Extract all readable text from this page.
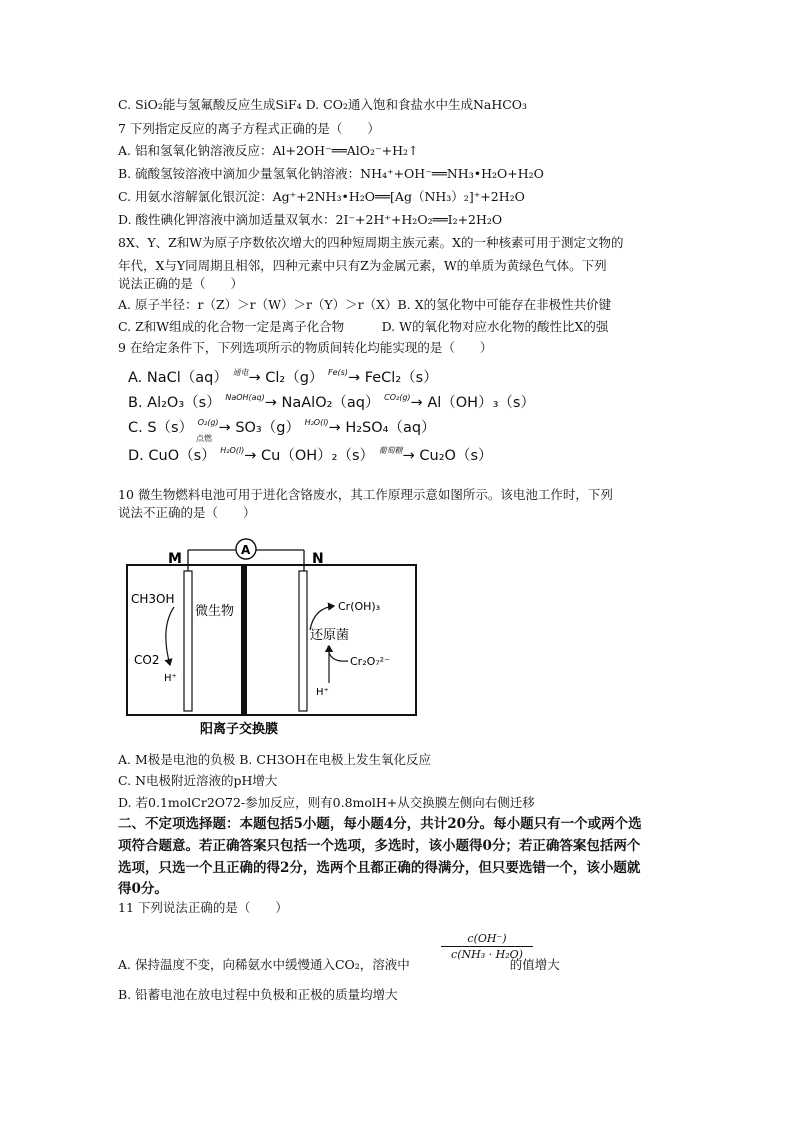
C. SiO₂能与氢氟酸反应生成SiF₄ D. CO₂通入饱和食盐水中生成NaHCO₃
7 下列指定反应的离子方程式正确的是（　　）
A. 铝和氢氧化钠溶液反应：Al+2OH⁻══AlO₂⁻+H₂↑
B. 硫酸氢铵溶液中滴加少量氢氧化钠溶液：NH₄⁺+OH⁻══NH₃•H₂O+H₂O
C. 用氨水溶解氯化银沉淀：Ag⁺+2NH₃•H₂O══[Ag（NH₃）₂]⁺+2H₂O
D. 酸性碘化钾溶液中滴加适量双氧水：2I⁻+2H⁺+H₂O₂══I₂+2H₂O
8X、Y、Z和W为原子序数依次增大的四种短周期主族元素。X的一种核素可用于测定文物的
年代，X与Y同周期且相邻，四种元素中只有Z为金属元素，W的单质为黄绿色气体。下列
说法正确的是（　　）
A. 原子半径：r（Z）＞r（W）＞r（Y）＞r（X）B. X的氢化物中可能存在非极性共价键
C. Z和W组成的化合物一定是离子化合物　　　D. W的氧化物对应水化物的酸性比X的强
9 在给定条件下，下列选项所示的物质间转化均能实现的是（　　）
A. NaCl（aq） $^{通电}$→ Cl₂（g） $^{Fe(s)}$→ FeCl₂（s）
B. Al₂O₃（s） $^{NaOH(aq)}$→ NaAlO₂（aq） $^{CO_2(g)}$→ Al（OH）₃（s）
C. S（s） $^{O_2(g)}$→ SO₃（g） $^{H_2O(l)}$→ H₂SO₄（aq）
点燃
D. CuO（s） $^{H_2O(l)}$→ Cu（OH）₂（s） $^{葡萄糖}$→ Cu₂O（s）
10 微生物燃料电池可用于进化含铬废水，其工作原理示意如图所示。该电池工作时，下列
说法不正确的是（　　）
M	N
A
CH3OH
CO2
H⁺
微生物
还原菌
Cr(OH)₃
Cr₂O₇²⁻
H⁺
阳离子交换膜
A. M极是电池的负极 B. CH3OH在电极上发生氧化反应
C. N电极附近溶液的pH增大
D. 若0.1molCr2O72-参加反应，则有0.8molH+从交换膜左侧向右侧迁移
二、不定项选择题：本题包括5小题，每小题4分，共计20分。每小题只有一个或两个选
项符合题意。若正确答案只包括一个选项，多选时，该小题得0分；若正确答案包括两个
选项，只选一个且正确的得2分，选两个且都正确的得满分，但只要选错一个，该小题就
得0分。
11 下列说法正确的是（　　）
A. 保持温度不变，向稀氨水中缓慢通入CO₂，溶液中	的值增大
$\frac{c(OH^-)}{\text{c(NH₃ · H₂O)}}$
B. 铅蓄电池在放电过程中负极和正极的质量均增大
